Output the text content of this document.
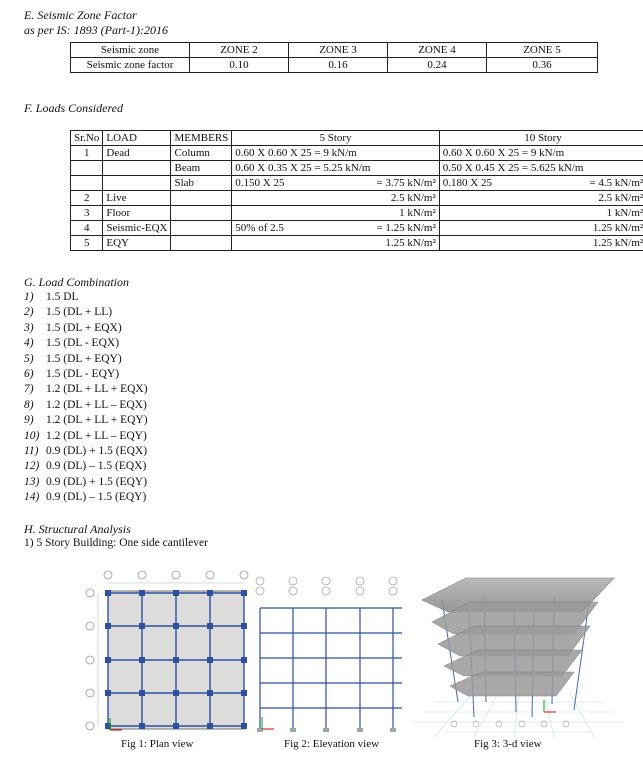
E. Seismic Zone Factor
as per IS: 1893 (Part-1):2016
Seismic zone	ZONE 2	ZONE 3	ZONE 4	ZONE 5
Seismic zone factor	0.10	0.16	0.24	0.36
F. Loads Considered
Sr.No	LOAD	MEMBERS	5 Story		10 Story	
1	Dead	Column	0.60 X 0.60 X 25 = 9 kN/m		0.60 X 0.60 X 25 = 9 kN/m	
		Beam	0.60 X 0.35 X 25 = 5.25 kN/m		0.50 X 0.45 X 25 = 5.625 kN/m	
		Slab	0.150 X 25	= 3.75 kN/m²	0.180 X 25	= 4.5 kN/m²
2	Live			2.5 kN/m²		2.5 kN/m²
3	Floor			1 kN/m²		1 kN/m²
4	Seismic-EQX		50% of 2.5	= 1.25 kN/m²		1.25 kN/m²
5	EQY			1.25 kN/m²		1.25 kN/m²
G. Load Combination
1)	1.5 DL
2)	1.5 (DL + LL)
3)	1.5 (DL + EQX)
4)	1.5 (DL - EQX)
5)	1.5 (DL + EQY)
6)	1.5 (DL - EQY)
7)	1.2 (DL + LL + EQX)
8)	1.2 (DL + LL – EQX)
9)	1.2 (DL + LL + EQY)
10) 1.2 (DL + LL – EQY)
11) 0.9 (DL) + 1.5 (EQX)
12) 0.9 (DL) – 1.5 (EQX)
13) 0.9 (DL) + 1.5 (EQY)
14) 0.9 (DL) – 1.5 (EQY)
H. Structural Analysis
1) 5 Story Building: One side cantilever
Fig 1: Plan view	Fig 2: Elevation view	Fig 3: 3-d view
